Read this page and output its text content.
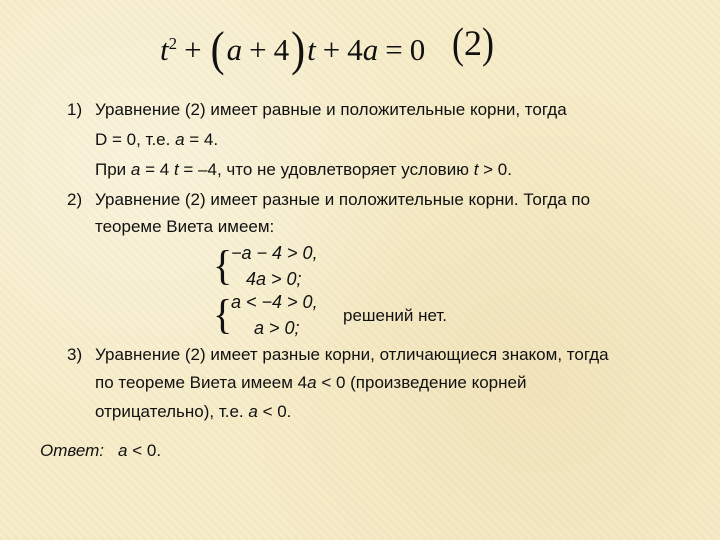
t 2 + ( a + 4 ) t + 4 a = 0 (2)
1) Уравнение (2) имеет равные и положительные корни, тогда
D = 0, т.е. a = 4.
При a = 4 t = –4, что не удовлетворяет условию t > 0.
2) Уравнение (2) имеет разные и положительные корни. Тогда по
теореме Виета имеем:
{
−a − 4 > 0,
4a > 0;
{
a < −4 > 0,
a > 0;
решений нет.
3) Уравнение (2) имеет разные корни, отличающиеся знаком, тогда
по теореме Виета имеем 4a < 0 (произведение корней
отрицательно), т.е. a < 0.
Ответ: a < 0.
